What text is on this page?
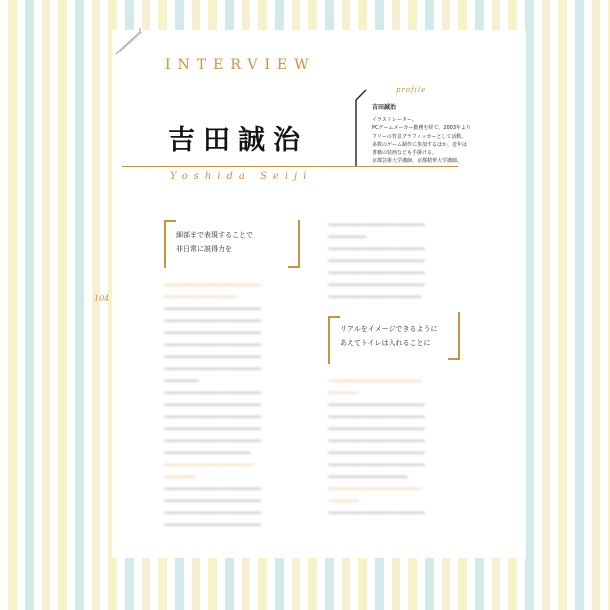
INTERVIEW
吉田誠治

Yoshida Seiji

profile
吉田誠治
イラストレーター。
PCゲームメーカー勤務を経て、2003年より
フリーの背景グラフィッカーとして活動。
多数のゲーム制作に参加するほか、近年は
書籍の装画なども手掛ける。
京都芸術大学講師、京都精華大学講師。
細部まで表現することで
非日常に説得力を
リアルをイメージできるように
あえてトイレは入れることに
104
▁▁▁▁▁▁▁▁▁▁▁▁▁▁▁▁▁▁▁▁▁▁▁▁▁▁▁▁
▁▁▁▁▁▁▁▁▁▁▁▁▁▁▁▁▁▁▁▁▁
▁▁▁▁▁▁▁▁▁▁▁▁▁▁▁▁▁▁▁▁▁▁▁▁▁▁▁▁
▁▁▁▁▁▁▁▁▁▁▁▁▁▁▁▁▁▁▁▁▁▁▁▁▁▁▁▁
▁▁▁▁▁▁▁▁▁▁▁▁▁▁▁▁▁▁▁▁▁▁▁▁▁▁▁▁
▁▁▁▁▁▁▁▁▁▁▁▁▁▁▁▁▁▁▁▁▁▁▁▁▁▁▁▁
▁▁▁▁▁▁▁▁▁▁▁▁▁▁▁▁▁▁▁▁▁▁▁▁▁▁▁▁
▁▁▁▁▁▁▁▁▁▁▁▁▁▁▁▁▁▁▁▁▁▁▁▁▁▁▁▁
▁▁▁▁▁▁▁▁▁▁
▁▁▁▁▁▁▁▁▁▁▁▁▁▁▁▁▁▁▁▁▁▁▁▁▁▁▁▁
▁▁▁▁▁▁▁▁▁▁▁▁▁▁▁▁▁▁▁▁▁▁▁▁▁▁▁▁
▁▁▁▁▁▁▁▁▁▁▁▁▁▁▁▁▁▁▁▁▁▁▁▁▁▁▁▁
▁▁▁▁▁▁▁▁▁▁▁▁▁▁▁▁▁▁▁▁▁▁▁▁▁▁▁▁
▁▁▁▁▁▁▁▁▁▁▁▁▁▁▁▁▁▁▁▁▁▁▁▁▁▁▁▁
▁▁▁▁▁▁▁▁▁▁▁▁▁▁▁▁▁▁▁▁▁▁▁▁▁
▁▁▁▁▁▁▁▁▁▁▁▁▁▁▁▁▁▁▁▁▁▁▁▁▁▁
▁▁▁▁▁▁▁▁▁
▁▁▁▁▁▁▁▁▁▁▁▁▁▁▁▁▁▁▁▁▁▁▁▁▁▁▁▁
▁▁▁▁▁▁▁▁▁▁▁▁▁▁▁▁▁▁▁▁▁▁▁▁▁▁▁▁
▁▁▁▁▁▁▁▁▁▁▁▁▁▁▁▁▁▁▁▁▁▁▁▁▁▁▁▁
▁▁▁▁▁▁▁▁▁▁▁▁▁▁▁▁▁▁▁▁▁▁▁▁▁▁▁▁
▁▁▁▁▁▁▁▁▁▁▁▁▁▁▁▁▁▁▁▁▁▁▁▁▁▁▁▁
▁▁▁▁▁▁▁▁▁▁▁
▁▁▁▁▁▁▁▁▁▁▁▁▁▁▁▁▁▁▁▁▁▁▁▁▁▁▁▁
▁▁▁▁▁▁▁▁▁▁▁▁▁▁▁▁▁▁▁▁▁▁▁▁▁▁▁▁
▁▁▁▁▁▁▁▁▁▁▁▁▁▁▁▁▁▁▁▁▁▁▁▁▁▁▁▁
▁▁▁▁▁▁▁▁▁▁▁▁▁▁▁▁▁▁▁▁▁▁▁▁▁▁▁▁
▁▁▁▁▁▁▁▁▁▁▁▁▁▁▁▁▁▁▁▁▁▁▁▁▁▁▁
▁▁▁▁▁▁▁▁▁▁▁▁▁▁▁▁▁▁▁▁▁▁▁▁▁▁▁
▁▁▁▁▁▁▁▁▁
▁▁▁▁▁▁▁▁▁▁▁▁▁▁▁▁▁▁▁▁▁▁▁▁▁▁▁▁
▁▁▁▁▁▁▁▁▁▁▁▁▁▁▁▁▁▁▁▁▁▁▁▁▁▁▁▁
▁▁▁▁▁▁▁▁▁▁▁▁▁▁▁▁▁▁▁▁▁▁▁▁▁▁▁▁
▁▁▁▁▁▁▁▁▁▁▁▁▁▁▁▁▁▁▁▁▁▁▁▁▁▁▁▁
▁▁▁▁▁▁▁▁▁▁▁▁▁▁▁▁▁▁▁▁▁▁▁▁▁▁▁▁
▁▁▁▁▁▁▁▁▁▁▁▁▁▁▁▁▁▁▁▁▁▁▁▁▁▁▁▁
▁▁▁▁▁▁▁▁▁▁▁▁▁▁▁▁▁▁▁▁▁▁▁
▁▁▁▁▁▁▁▁▁▁▁▁▁▁▁▁▁▁▁▁▁▁▁▁▁▁▁
▁▁▁▁▁▁▁▁▁
▁▁▁▁▁▁▁▁▁▁▁▁▁▁▁▁▁▁▁▁▁▁▁▁▁▁▁▁
